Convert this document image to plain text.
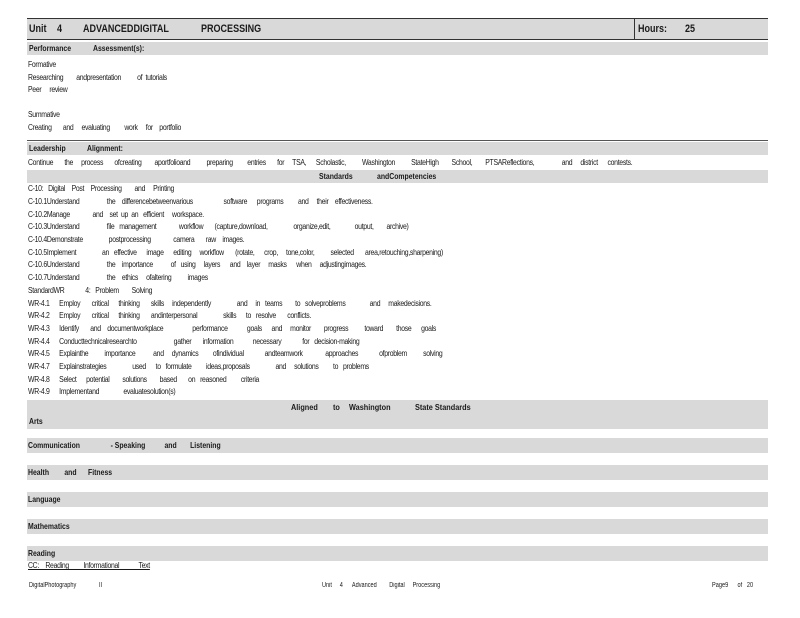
Unit 4 ADVANCEDDIGITAL	PROCESSING	Hours: 25
Performance	Assessment(s):
Formative
Researching        andpresentation          of  tutorials
Peer     review
Summative
Creating       and     evaluating         work     for    portfolio
Leadership	Alignment:
Continue       the     process       ofcreating        aportfolioand          preparing         entries       for     TSA,      Scholastic,          Washington          StateHigh        School,        PTSAReflections,                 and     district      contests.
Standards	andCompetencies
C-10:   Digital    Post    Processing        and     Printing
C-10.1Understand                 the    differencebetweenvarious                   software      programs         and     their    effectiveness.
C-10.2Manage              and    set  up  an   efficient     workspace.
C-10.3Understand                 file   management              workflow       (capture,download,                organize,edit,               output,        archive)
C-10.4Demonstrate                postprocessing              camera       raw    images.
C-10.5Implement                an   effective      image      editing     workflow       (rotate,      crop,     tone,color,          selected       area,retouching,sharpening)
C-10.6Understand                 the    importance           of   using     layers      and    layer     masks      when     adjustingimages.
C-10.7Understand                 the    ethics     ofaltering          images
StandardWR             4:   Problem        Solving
WR-4.1      Employ       critical      thinking       skills     independently                and     in   teams        to   solveproblems               and     makedecisions.
WR-4.2      Employ       critical      thinking       andinterpersonal                skills      to   resolve       conflicts.
WR-4.3      Identify       and    documentworkplace                  performance            goals      and     monitor        progress          toward        those      goals
WR-4.4      Conducttechnicalresearchto                       gather       information            necessary             for   decision-making
WR-4.5      Explainthe          importance           and     dynamics         ofindividual             andteamwork              approaches             ofproblem          solving
WR-4.7      Explainstrategies                used      to   formulate         ideas,proposals                and     solutions         to   problems
WR-4.8      Select      potential        solutions        based       on   reasoned         criteria
WR-4.9      Implementand               evaluatesolution(s)
Aligned to Washington	State Standards
Arts
Communication                - Speaking          and       Listening
Health        and      Fitness
Language
Mathematics
Reading
CC:    Reading         Informational            Text
DigitalPhotography	II	Unit     4      Advanced        Digital     Processing	Page9      of   20
